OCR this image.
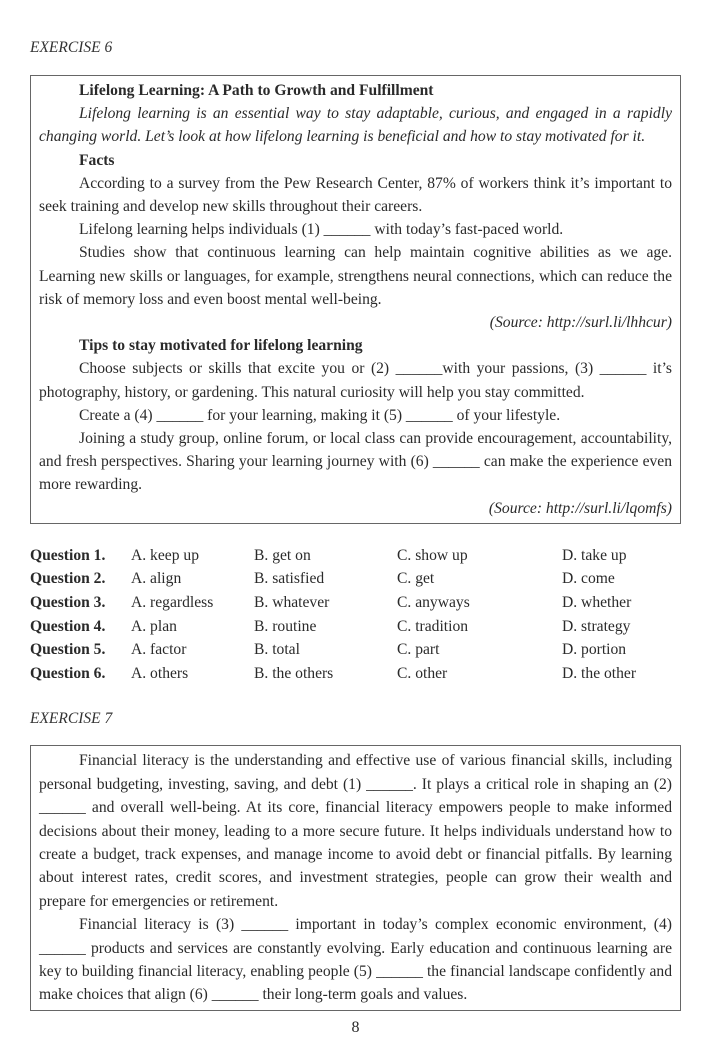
EXERCISE 6

Lifelong Learning: A Path to Growth and Fulfillment

Lifelong learning is an essential way to stay adaptable, curious, and engaged in a rapidly changing world. Let’s look at how lifelong learning is beneficial and how to stay motivated for it.

Facts

According to a survey from the Pew Research Center, 87% of workers think it’s important to seek training and develop new skills throughout their careers.

Lifelong learning helps individuals (1) ______ with today’s fast-paced world.

Studies show that continuous learning can help maintain cognitive abilities as we age. Learning new skills or languages, for example, strengthens neural connections, which can reduce the risk of memory loss and even boost mental well-being.

(Source: http://surl.li/lhhcur)

Tips to stay motivated for lifelong learning

Choose subjects or skills that excite you or (2) ______with your passions, (3) ______ it’s photography, history, or gardening. This natural curiosity will help you stay committed.

Create a (4) ______ for your learning, making it (5) ______ of your lifestyle.

Joining a study group, online forum, or local class can provide encouragement, accountability, and fresh perspectives. Sharing your learning journey with (6) ______ can make the experience even more rewarding.

(Source: http://surl.li/lqomfs)

Question 1.	A. keep up	B. get on	C. show up	D. take up
Question 2.	A. align	B. satisfied	C. get	D. come
Question 3.	A. regardless	B. whatever	C. anyways	D. whether
Question 4.	A. plan	B. routine	C. tradition	D. strategy
Question 5.	A. factor	B. total	C. part	D. portion
Question 6.	A. others	B. the others	C. other	D. the other
EXERCISE 7

Financial literacy is the understanding and effective use of various financial skills, including personal budgeting, investing, saving, and debt (1) ______. It plays a critical role in shaping an (2) ______ and overall well-being. At its core, financial literacy empowers people to make informed decisions about their money, leading to a more secure future. It helps individuals understand how to create a budget, track expenses, and manage income to avoid debt or financial pitfalls. By learning about interest rates, credit scores, and investment strategies, people can grow their wealth and prepare for emergencies or retirement.

Financial literacy is (3) ______ important in today’s complex economic environment, (4) ______ products and services are constantly evolving. Early education and continuous learning are key to building financial literacy, enabling people (5) ______ the financial landscape confidently and make choices that align (6) ______ their long-term goals and values.

8
